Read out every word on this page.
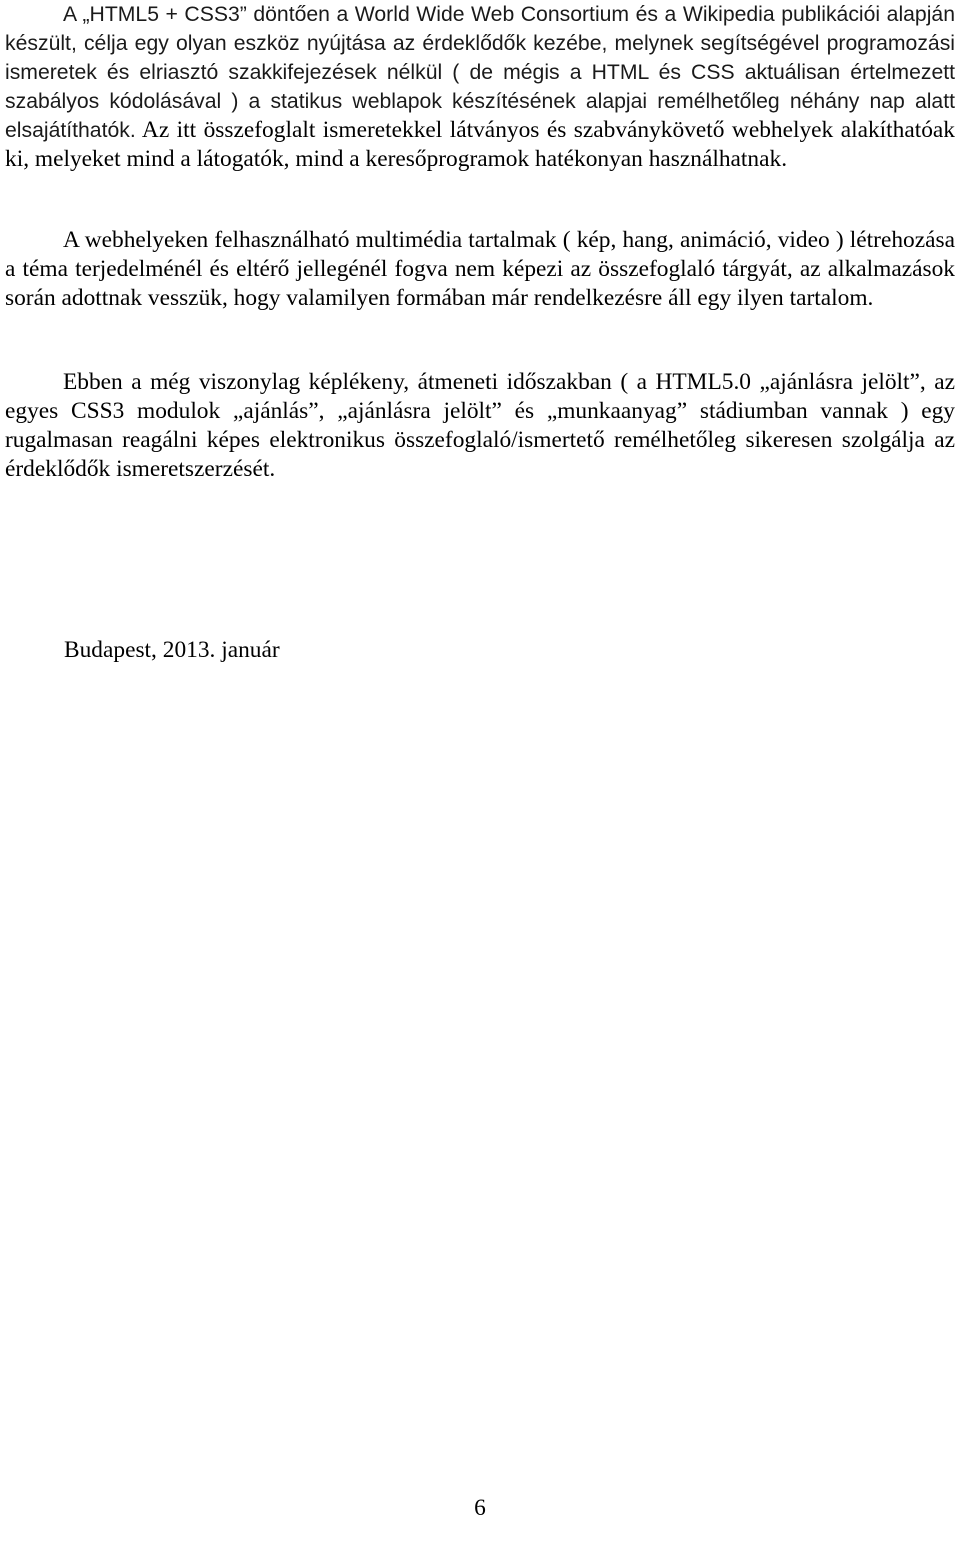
A „HTML5 + CSS3” döntően a World Wide Web Consortium és a Wikipedia publikációi alapján készült, célja egy olyan eszköz nyújtása az érdeklődők kezébe, melynek segítségével programozási ismeretek és elriasztó szakkifejezések nélkül ( de mégis a HTML és CSS aktuálisan értelmezett szabályos kódolásával ) a statikus weblapok készítésének alapjai remélhetőleg néhány nap alatt elsajátíthatók. Az itt összefoglalt ismeretekkel látványos és szabványkövető webhelyek alakíthatóak ki, melyeket mind a látogatók, mind a keresőprogramok hatékonyan használhatnak.

A webhelyeken felhasználható multimédia tartalmak ( kép, hang, animáció, video ) létrehozása a téma terjedelménél és eltérő jellegénél fogva nem képezi az összefoglaló tárgyát, az alkalmazások során adottnak vesszük, hogy valamilyen formában már rendelkezésre áll egy ilyen tartalom.

Ebben a még viszonylag képlékeny, átmeneti időszakban ( a HTML5.0 „ajánlásra jelölt”, az egyes CSS3 modulok „ajánlás”, „ajánlásra jelölt” és „munkaanyag” stádiumban vannak ) egy rugalmasan reagálni képes elektronikus összefoglaló/ismertető remélhetőleg sikeresen szolgálja az érdeklődők ismeretszerzését.

Budapest, 2013. január

6
